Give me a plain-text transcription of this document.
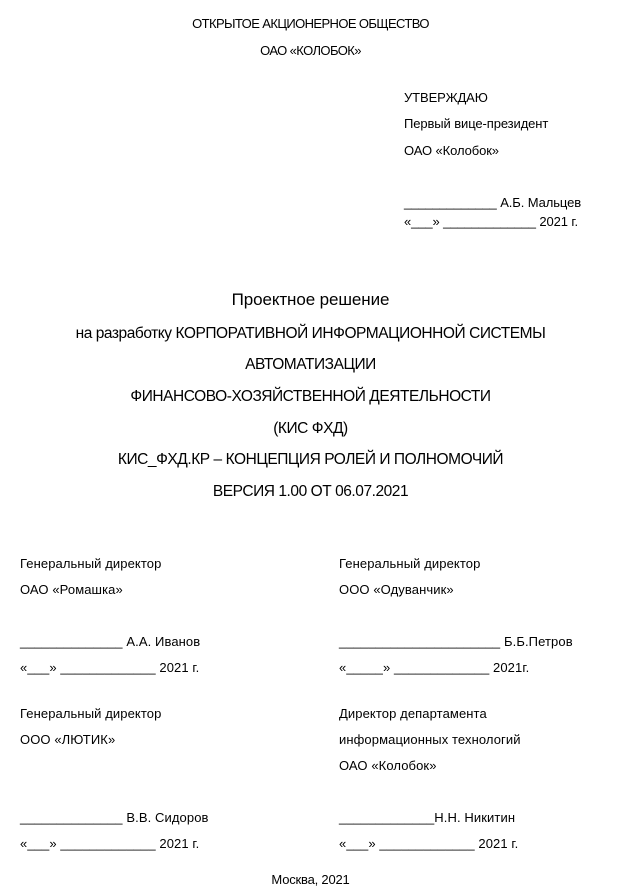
ОТКРЫТОЕ АКЦИОНЕРНОЕ ОБЩЕСТВО
ОАО «КОЛОБОК»
УТВЕРЖДАЮ
Первый вице-президент
ОАО «Колобок»
_____________ А.Б. Мальцев
«___» _____________ 2021 г.
Проектное решение
на разработку КОРПОРАТИВНОЙ ИНФОРМАЦИОННОЙ СИСТЕМЫ
АВТОМАТИЗАЦИИ
ФИНАНСОВО-ХОЗЯЙСТВЕННОЙ ДЕЯТЕЛЬНОСТИ
(КИС ФХД)
КИС_ФХД.КР – КОНЦЕПЦИЯ РОЛЕЙ И ПОЛНОМОЧИЙ
ВЕРСИЯ 1.00 ОТ 06.07.2021
Генеральный директор
ОАО «Ромашка»
______________ А.А. Иванов
«___» _____________ 2021 г.
Генеральный директор
ООО «Одуванчик»
______________________ Б.Б.Петров
«_____» _____________ 2021г.
Генеральный директор
ООО «ЛЮТИК»
______________ В.В. Сидоров
«___» _____________ 2021 г.
Директор департамента
информационных технологий
ОАО «Колобок»
_____________Н.Н. Никитин
«___» _____________ 2021 г.
Москва, 2021
